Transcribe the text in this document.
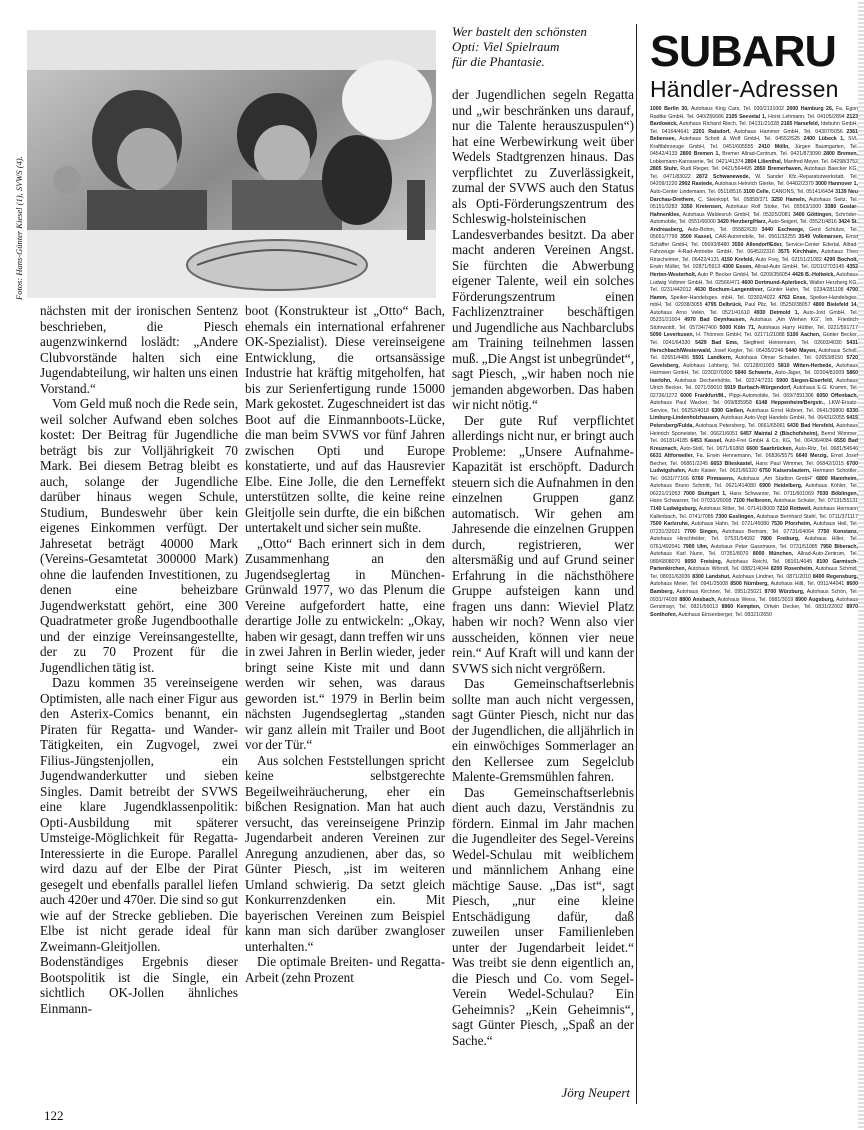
Fotos: Hans-Günter Kiesel (1), SVWS (4).
Wer bastelt den schönsten
Opti: Viel Spielraum
für die Phantasie.

nächsten mit der ironischen Sentenz beschrieben, die Piesch augenzwinkernd loslädt: „Andere Clubvorstände halten sich eine Jugendabteilung, wir halten uns einen Vorstand.“

Vom Geld muß noch die Rede sein, weil solcher Aufwand eben solches kostet: Der Beitrag für Jugendliche beträgt bis zur Volljährigkeit 70 Mark. Bei diesem Betrag bleibt es auch, solange der Jugendliche darüber hinaus wegen Schule, Studium, Bundeswehr über kein eigenes Einkommen verfügt. Der Jahresetat beträgt 40000 Mark (Vereins-Gesamtetat 300000 Mark) ohne die laufenden Investitionen, zu denen eine beheizbare Jugendwerkstatt gehört, eine 300 Quadratmeter große Jugendboothalle und der einzige Vereinsangestellte, der zu 70 Prozent für die Jugendlichen tätig ist.

Dazu kommen 35 vereinseigene Optimisten, alle nach einer Figur aus den Asterix-Comics benannt, ein Piraten für Regatta- und Wander-Tätigkeiten, ein Zugvogel, zwei Filius-Jüngstenjollen, ein Jugendwanderkutter und sieben Singles. Damit betreibt der SVWS eine klare Jugendklassenpolitik: Opti-Ausbildung mit späterer Umsteige-Möglichkeit für Regatta-Interessierte in die Europe. Parallel wird dazu auf der Elbe der Pirat gesegelt und ebenfalls parallel liefen auch 420er und 470er. Die sind so gut wie auf der Strecke geblieben. Die Elbe ist nicht gerade ideal für Zweimann-Gleitjollen. Bodenständiges Ergebnis dieser Bootspolitik ist die Single, ein sichtlich OK-Jollen ähnliches Einmann-

boot (Konstrukteur ist „Otto“ Bach, ehemals ein international erfahrener OK-Spezialist). Diese vereinseigene Entwicklung, die ortsansässige Industrie hat kräftig mitgeholfen, hat bis zur Serienfertigung runde 15000 Mark gekostet. Zugeschneidert ist das Boot auf die Einmannboots-Lücke, die man beim SVWS vor fünf Jahren zwischen Opti und Europe konstatierte, und auf das Hausrevier Elbe. Eine Jolle, die den Lerneffekt unterstützen sollte, die keine reine Gleitjolle sein durfte, die ein bißchen untertakelt und sicher sein mußte.

„Otto“ Bach erinnert sich in dem Zusammenhang an den Jugendseglertag in München-Grünwald 1977, wo das Plenum die Vereine aufgefordert hatte, eine derartige Jolle zu entwickeln: „Okay, haben wir gesagt, dann treffen wir uns in zwei Jahren in Berlin wieder, jeder bringt seine Kiste mit und dann werden wir sehen, was daraus geworden ist.“ 1979 in Berlin beim nächsten Jugendseglertag „standen wir ganz allein mit Trailer und Boot vor der Tür.“

Aus solchen Feststellungen spricht keine selbstgerechte Begeilweihräucherung, eher ein bißchen Resignation. Man hat auch versucht, das vereinseigene Prinzip Jugendarbeit anderen Vereinen zur Anregung anzudienen, aber das, so Günter Piesch, „ist im weiteren Umland schwierig. Da setzt gleich Konkurrenzdenken ein. Mit bayerischen Vereinen zum Beispiel kann man sich darüber zwangloser unterhalten.“

Die optimale Breiten- und Regatta-Arbeit (zehn Prozent

der Jugendlichen segeln Regatta und „wir beschränken uns darauf, nur die Talente herauszuspulen“) hat eine Werbewirkung weit über Wedels Stadtgrenzen hinaus. Das verpflichtet zu Zuverlässigkeit, zumal der SVWS auch den Status als Opti-Förderungszentrum des Schleswig-holsteinischen Landesverbandes besitzt. Da aber macht anderen Vereinen Angst. Sie fürchten die Abwerbung eigener Talente, weil ein solches Förderungszentrum einen Fachlizenztrainer beschäftigen und Jugendliche aus Nachbarclubs am Training teilnehmen lassen muß. „Die Angst ist unbegründet“, sagt Piesch, „wir haben noch nie jemanden abgeworben. Das haben wir nicht nötig.“

Der gute Ruf verpflichtet allerdings nicht nur, er bringt auch Probleme: „Unsere Aufnahme-Kapazität ist erschöpft. Dadurch steuern sich die Aufnahmen in den einzelnen Gruppen ganz automatisch. Wir gehen am Jahresende die einzelnen Gruppen durch, registrieren, wer altersmäßig und auf Grund seiner Erfahrung in die nächsthöhere Gruppe aufsteigen kann und fragen uns dann: Wieviel Platz haben wir noch? Wenn also vier ausscheiden, können vier neue rein.“ Auf Kraft will und kann der SVWS sich nicht vergrößern.

Das Gemeinschaftserlebnis sollte man auch nicht vergessen, sagt Günter Piesch, nicht nur das der Jugendlichen, die alljährlich in ein einwöchiges Sommerlager an den Kellersee zum Segelclub Malente-Gremsmühlen fahren.

Das Gemeinschaftserlebnis dient auch dazu, Verständnis zu fördern. Einmal im Jahr machen die Jugendleiter des Segel-Vereins Wedel-Schulau mit weiblichem und männlichem Anhang eine mächtige Sause. „Das ist“, sagt Piesch, „nur eine kleine Entschädigung dafür, daß zuweilen unser Familienleben unter der Jugendarbeit leidet.“ Was treibt sie denn eigentlich an, die Piesch und Co. vom Segel-Verein Wedel-Schulau? Ein Geheimnis? „Kein Geheimnis“, sagt Günter Piesch, „Spaß an der Sache.“

Jörg Neupert
122
SUBARU
Händler-Adressen
1000 Berlin 30, Autohaus King Cars, Tel. 030/2131002 2000 Hamburg 26, Fa. Egon Radtke GmbH, Tel. 040/256686 2105 Seevetal 1, Horst Lehmann, Tel. 04105/2894 2123 Bardowick, Autohaus Richard Riech, Tel. 04131/21028 2165 Harsefeld, Idebuhn GmbH, Tel. 04164/4641 2201 Raisdorf, Autohaus Hammer GmbH, Tel. 04307/5056 2361 Bebensee, Autohaus Schott & Wolf GmbH, Tel. 04552/525 2400 Lübeck 1, SVL Kraftfahrzeuge GmbH, Tel. 0451/605555 2410 Mölln, Jürgen Baumgarten, Tel. 04542/4133 2800 Bremen 1, Bremer Allrad-Centrum, Tel. 0421/873090 2800 Bremen, Lobkemann-Karosserie, Tel. 0421/41374 2804 Lilienthal, Manfred Meyer, Tel. 04298/3752 2805 Stuhr, Rudi Rieger, Tel. 0421/564495 2850 Bremerhaven, Autohaus Baecker KG, Tel. 0471/83022 2872 Schwanewede, W. Sander Kfz.-Reparaturwerkstatt, Tel. 04209/1220 2902 Rastede, Autohaus Heinrich Gierke, Tel. 04402/2379 3000 Hannover 1, Auto-Center Lindemann, Tel. 0511/8516 3100 Celle, CANONS, Tel. 05141/6434 3139 Neu Darchau-Drethem, C. Steinkopf, Tel. 05858/371 3250 Hameln, Autohaus Seitz, Tel. 05151/3283 3350 Kreiensen, Autohaus Rolf Stoke, Tel. 05563/1000 3380 Goslar-Hahnenklee, Autohaus Waldesruh GmbH, Tel. 05325/2081 3400 Göttingen, Schröder-Automobile, Tel. 0551/66000 3420 Herzberg/Harz, Auto-Seigert, Tel. 05521/4816 3424 St. Andreasberg, Auto-Bohm, Tel. 05582/639 3440 Eschwege, Gerd Schütze, Tel. 05651/7799 3500 Kassel, CAR-Automobile, Tel. 0561/32255 3549 Volkmarsen, Ernst Schäffer GmbH, Tel. 05693/8480 3550 Allendorf/Eder, Service-Center Edertal, Allrad-Fahrzeuge 4-Rad-Antriebe GmbH, Tel. 06452/2316 3575 Kirchhain, Autohaus Theo Rinscheimer, Tel. 06422/4131 4150 Krefeld, Auto Frey, Tel. 02151/21082 4290 Bocholt, Erwin Müller, Tel. 02871/5913 4300 Essen, Allrad-Auto GmbH, Tel. 0201/2703145 4352 Herten-Westerholt, Auto P. Becker GmbH, Tel. 0209/356054 4426 B.-Holtwick, Autohaus Ludwig Voltmer GmbH, Tel. 02566/471 4600 Dortmund-Aplerbeck, Walter Herzberg KG, Tel. 0231/442012 4630 Bochum-Langendreer, Günter Hahn, Tel. 0234/281108 4700 Hamm, Speiker-Handelsges. mbH, Tel. 02302/4022 4763 Ense, Speiker-Handelsges. mbH, Tel. 02938/3055 4795 Delbrück, Paul Pilz, Tel. 05250/38057 4800 Bielefeld 14, Autohaus Arno Velen, Tel. 0521/41610 4930 Detmold 1, Auto-Jost GmbH, Tel. 05231/21004 4970 Bad Oeynhausen, Autohaus „Am Wiehen KG“, Inh. Friedrich Stührwoldt, Tel. 05734/7400 5000 Köln 71, Autohaus Harry Hüttler, Tel. 0221/591717 5090 Leverkusen, H. Thönnes GmbH, Tel. 02171/21088 5100 Aachen, Günter Becker, Tel. 0241/64330 5429 Bad Ems, Siegfried Heinemann, Tel. 02603/4030 5431 Herschbach/Westerwald, Josef Kegler, Tel. 06435/2246 5440 Mayen, Autohaus Scholl, Tel. 02651/4486 5501 Landkern, Autohaus Otmar Schaden, Tel. 02653/8150 5720 Gevelsberg, Autohaus Lohberg, Tel. 02128/01003 5810 Witten-Herbede, Autohaus Harmsen GmbH, Tel. 02302/70300 5840 Schwerte, Auto-Jäger, Tel. 02304/81009 5860 Iserlohn, Autohaus Dechenhöhle, Tel. 02374/7231 5900 Siegen-Eiserfeld, Autohaus Ulrich Becker, Tel. 0271/39010 5919 Burbach-Würgendorf, Autohaus E.G. Kramm, Tel. 02736/1272 6000 Frankfurt/M., Pippi-Automobile, Tel. 069/7891306 6050 Offenbach, Autohaus Paul Wacker, Tel. 069/835958 6148 Heppenheim/Bergstr., LKW-Ersatz-Service, Tel. 06252/4018 6300 Gießen, Autohaus Ernst Hübner, Tel. 0641/39800 6330 Limburg-Lindenholzhausen, Autohaus Auto-Vogt Handels GmbH, Tel. 06431/2055 6415 Petersberg/Fulda, Autohaus Petersberg, Tel. 0661/65061 6430 Bad Hersfeld, Autohaus Heinrich Sponeister, Tel. 06621/6051 6457 Maintal 2 (Bischofsheim), Bernd Wimmer, Tel. 06181/4185 6453 Kassel, Auto-Frei GmbH & Co. KG, Tel. 06436/4084 6550 Bad Kreuznach, Auto-Stoll, Tel. 0671/61868 6600 Saarbrücken, Auto-Ritz, Tel. 0681/54546 6631 Altforweiler, Fa. Erwin Hennemann, Tel. 06836/5575 6640 Merzig, Ernst Josef Becher, Tel. 06861/2245 6653 Blieskastel, Hans Paul Wimmer, Tel. 06842/1015 6700 Ludwigshafen, Auto Kaiser, Tel. 0621/66320 6750 Kaiserslautern, Hermann Schottler, Tel. 0631/77166 6760 Pirmasens, Autohaus „Am Stadion GmbH“ 6800 Mannheim, Autohaus Bruno Schmitt, Tel. 0621/414080 6900 Heidelberg, Autohaus Köhler, Tel. 06221/21053 7000 Stuttgart 1, Hans Schwarzer, Tel. 0711/601069 7030 Böblingen, Hans Schwarzer, Tel. 07031/26008 7100 Heilbronn, Autohaus Schuler, Tel. 07131/55131 7140 Ludwigsburg, Autohaus Ritter, Tel. 07141/8009 7210 Rottweil, Autohaus Hermann Kallenbach, Tel. 0741/7085 7300 Esslingen, Autohaus Bernhard Stahl, Tel. 0711/371117 7500 Karlsruhe, Autohaus Hahn, Tel. 0721/45080 7530 Pforzheim, Autohaus Heil, Tel. 07231/32021 7700 Singen, Autohaus Bertram, Tel. 07731/64064 7750 Konstanz, Autohaus Hirschfelder, Tel. 07531/54092 7800 Freiburg, Autohaus Hiller, Tel. 0761/492041 7900 Ulm, Autohaus Peter Gassmann, Tel. 0731/51085 7950 Biberach, Autohaus Karl Nunn, Tel. 07351/8070 8000 München, Allrad-Auto-Zentrum, Tel. 089/6808070 8050 Freising, Autohaus Reichl, Tel. 08161/4045 8100 Garmisch-Partenkirchen, Autohaus Wörndl, Tel. 08821/4044 8200 Rosenheim, Autohaus Schmid, Tel. 08031/63036 8300 Landshut, Autohaus Lindner, Tel. 0871/2010 8400 Regensburg, Autohaus Meier, Tel. 0941/25008 8500 Nürnberg, Autohaus Hiltl, Tel. 0911/44041 8600 Bamberg, Autohaus Kirchner, Tel. 0951/25021 8700 Würzburg, Autohaus Schön, Tel. 0931/74039 8800 Ansbach, Autohaus Weiss, Tel. 0981/3019 8900 Augsburg, Autohaus Gerstmayr, Tel. 0821/56013 8960 Kempten, Ortwin Decker, Tel. 0831/22002 8970 Sonthofen, Autohaus Einsenberger, Tel. 08321/2650
